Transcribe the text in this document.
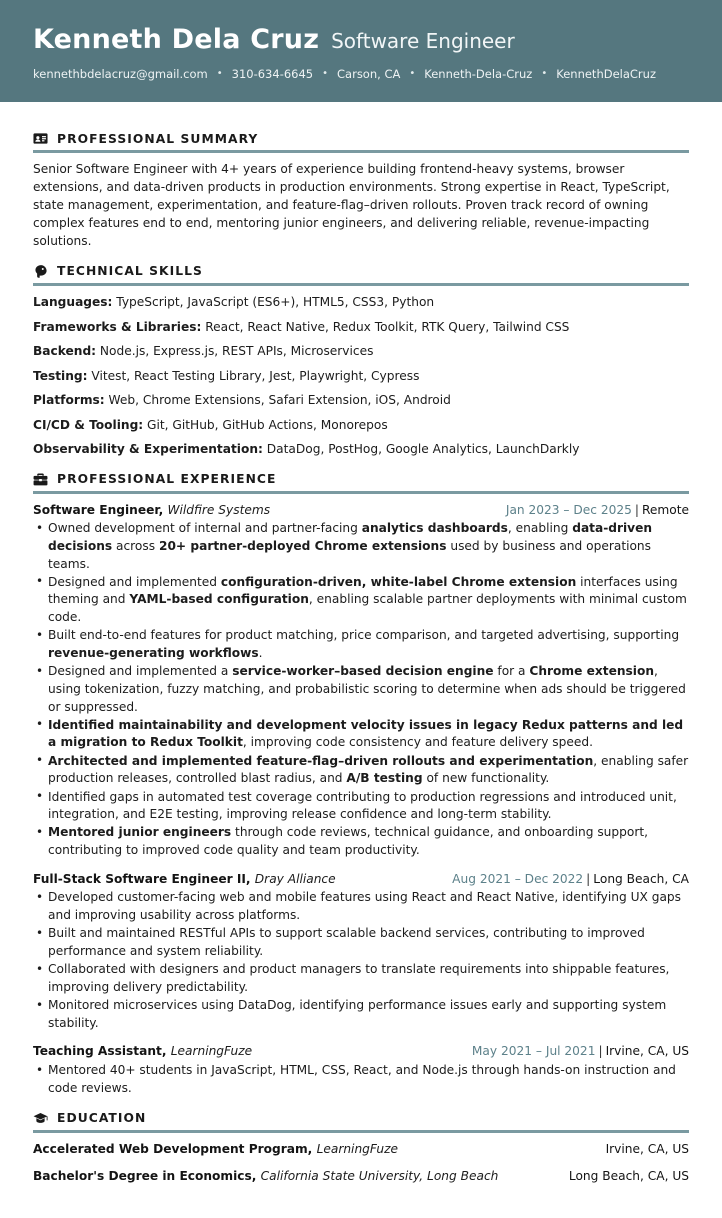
Kenneth Dela Cruz Software Engineer
kennethbdelacruz@gmail.com • 310-634-6645 • Carson, CA • Kenneth-Dela-Cruz • KennethDelaCruz
PROFESSIONAL SUMMARY
Senior Software Engineer with 4+ years of experience building frontend-heavy systems, browser extensions, and data-driven products in production environments. Strong expertise in React, TypeScript, state management, experimentation, and feature-flag–driven rollouts. Proven track record of owning complex features end to end, mentoring junior engineers, and delivering reliable, revenue-impacting solutions.
TECHNICAL SKILLS
Languages: TypeScript, JavaScript (ES6+), HTML5, CSS3, Python
Frameworks & Libraries: React, React Native, Redux Toolkit, RTK Query, Tailwind CSS
Backend: Node.js, Express.js, REST APIs, Microservices
Testing: Vitest, React Testing Library, Jest, Playwright, Cypress
Platforms: Web, Chrome Extensions, Safari Extension, iOS, Android
CI/CD & Tooling: Git, GitHub, GitHub Actions, Monorepos
Observability & Experimentation: DataDog, PostHog, Google Analytics, LaunchDarkly
PROFESSIONAL EXPERIENCE
Software Engineer, Wildfire Systems	Jan 2023 – Dec 2025 | Remote
• Owned development of internal and partner-facing analytics dashboards, enabling data-driven decisions across 20+ partner-deployed Chrome extensions used by business and operations teams.
• Designed and implemented configuration-driven, white-label Chrome extension interfaces using theming and YAML-based configuration, enabling scalable partner deployments with minimal custom code.
• Built end-to-end features for product matching, price comparison, and targeted advertising, supporting revenue-generating workflows.
• Designed and implemented a service-worker–based decision engine for a Chrome extension, using tokenization, fuzzy matching, and probabilistic scoring to determine when ads should be triggered or suppressed.
• Identified maintainability and development velocity issues in legacy Redux patterns and led a migration to Redux Toolkit, improving code consistency and feature delivery speed.
• Architected and implemented feature-flag–driven rollouts and experimentation, enabling safer production releases, controlled blast radius, and A/B testing of new functionality.
• Identified gaps in automated test coverage contributing to production regressions and introduced unit, integration, and E2E testing, improving release confidence and long-term stability.
• Mentored junior engineers through code reviews, technical guidance, and onboarding support, contributing to improved code quality and team productivity.
Full-Stack Software Engineer II, Dray Alliance	Aug 2021 – Dec 2022 | Long Beach, CA
• Developed customer-facing web and mobile features using React and React Native, identifying UX gaps and improving usability across platforms.
• Built and maintained RESTful APIs to support scalable backend services, contributing to improved performance and system reliability.
• Collaborated with designers and product managers to translate requirements into shippable features, improving delivery predictability.
• Monitored microservices using DataDog, identifying performance issues early and supporting system stability.
Teaching Assistant, LearningFuze	May 2021 – Jul 2021 | Irvine, CA, US
• Mentored 40+ students in JavaScript, HTML, CSS, React, and Node.js through hands-on instruction and code reviews.
EDUCATION
Accelerated Web Development Program, LearningFuze	Irvine, CA, US
Bachelor's Degree in Economics, California State University, Long Beach	Long Beach, CA, US
